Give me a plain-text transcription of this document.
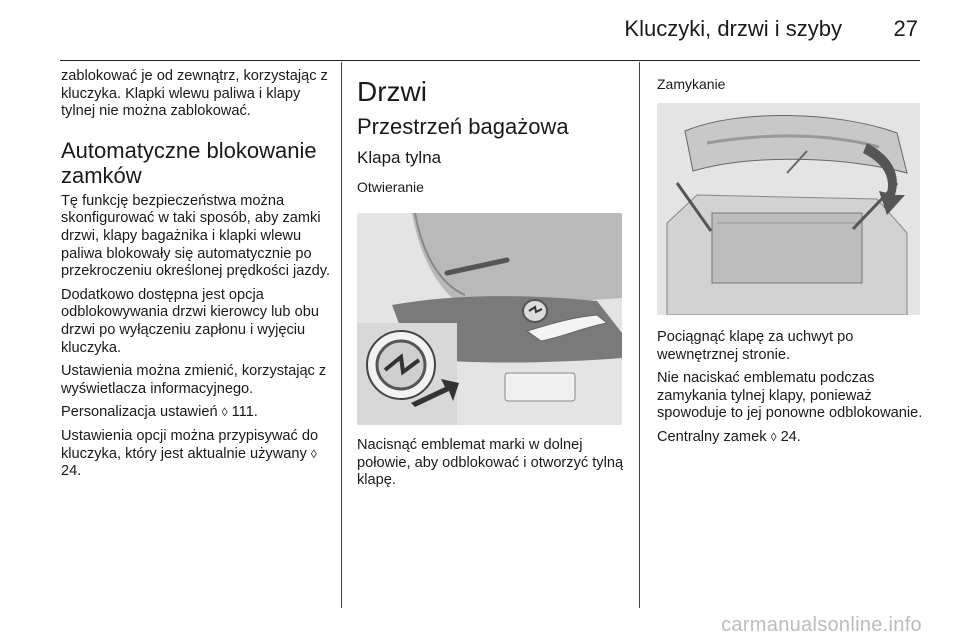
Kluczyki, drzwi i szyby 27

zablokować je od zewnątrz, korzystając z kluczyka. Klapki wlewu paliwa i klapy tylnej nie można zablokować.

Automatyczne blokowanie zamków

Tę funkcję bezpieczeństwa można skonfigurować w taki sposób, aby zamki drzwi, klapy bagażnika i klapki wlewu paliwa blokowały się automatycznie po przekroczeniu określonej prędkości jazdy.

Dodatkowo dostępna jest opcja odblokowywania drzwi kierowcy lub obu drzwi po wyłączeniu zapłonu i wyjęciu kluczyka.

Ustawienia można zmienić, korzystając z wyświetlacza informacyjnego.

Personalizacja ustawień ◊ 111.

Ustawienia opcji można przypisywać do kluczyka, który jest aktualnie używany ◊ 24.

Drzwi
Przestrzeń bagażowa
Klapa tylna
Otwieranie

Nacisnąć emblemat marki w dolnej połowie, aby odblokować i otworzyć tylną klapę.

Zamykanie

Pociągnąć klapę za uchwyt po wewnętrznej stronie.

Nie naciskać emblematu podczas zamykania tylnej klapy, ponieważ spowoduje to jej ponowne odblokowanie.

Centralny zamek ◊ 24.

carmanualsonline.info
